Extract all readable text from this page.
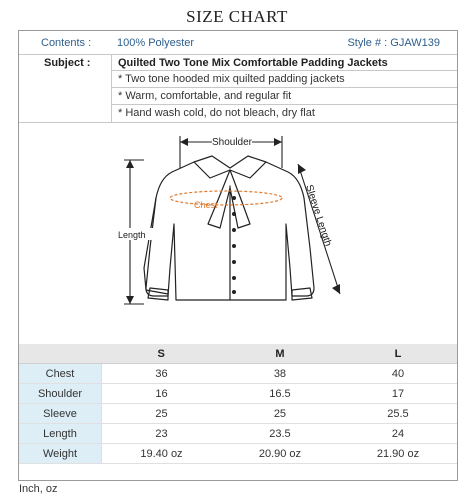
SIZE CHART
Contents : 100% Polyester	Style # : GJAW139
Subject :	Quilted Two Tone Mix Comfortable Padding Jackets
* Two tone hooded mix quilted padding jackets
* Warm, comfortable, and regular fit
* Hand wash cold, do not bleach, dry flat
Shoulder
Chest
Length	Sleeve Length
	S	M	L
Chest	36	38	40
Shoulder	16	16.5	17
Sleeve	25	25	25.5
Length	23	23.5	24
Weight	19.40 oz	20.90 oz	21.90 oz
Inch, oz
